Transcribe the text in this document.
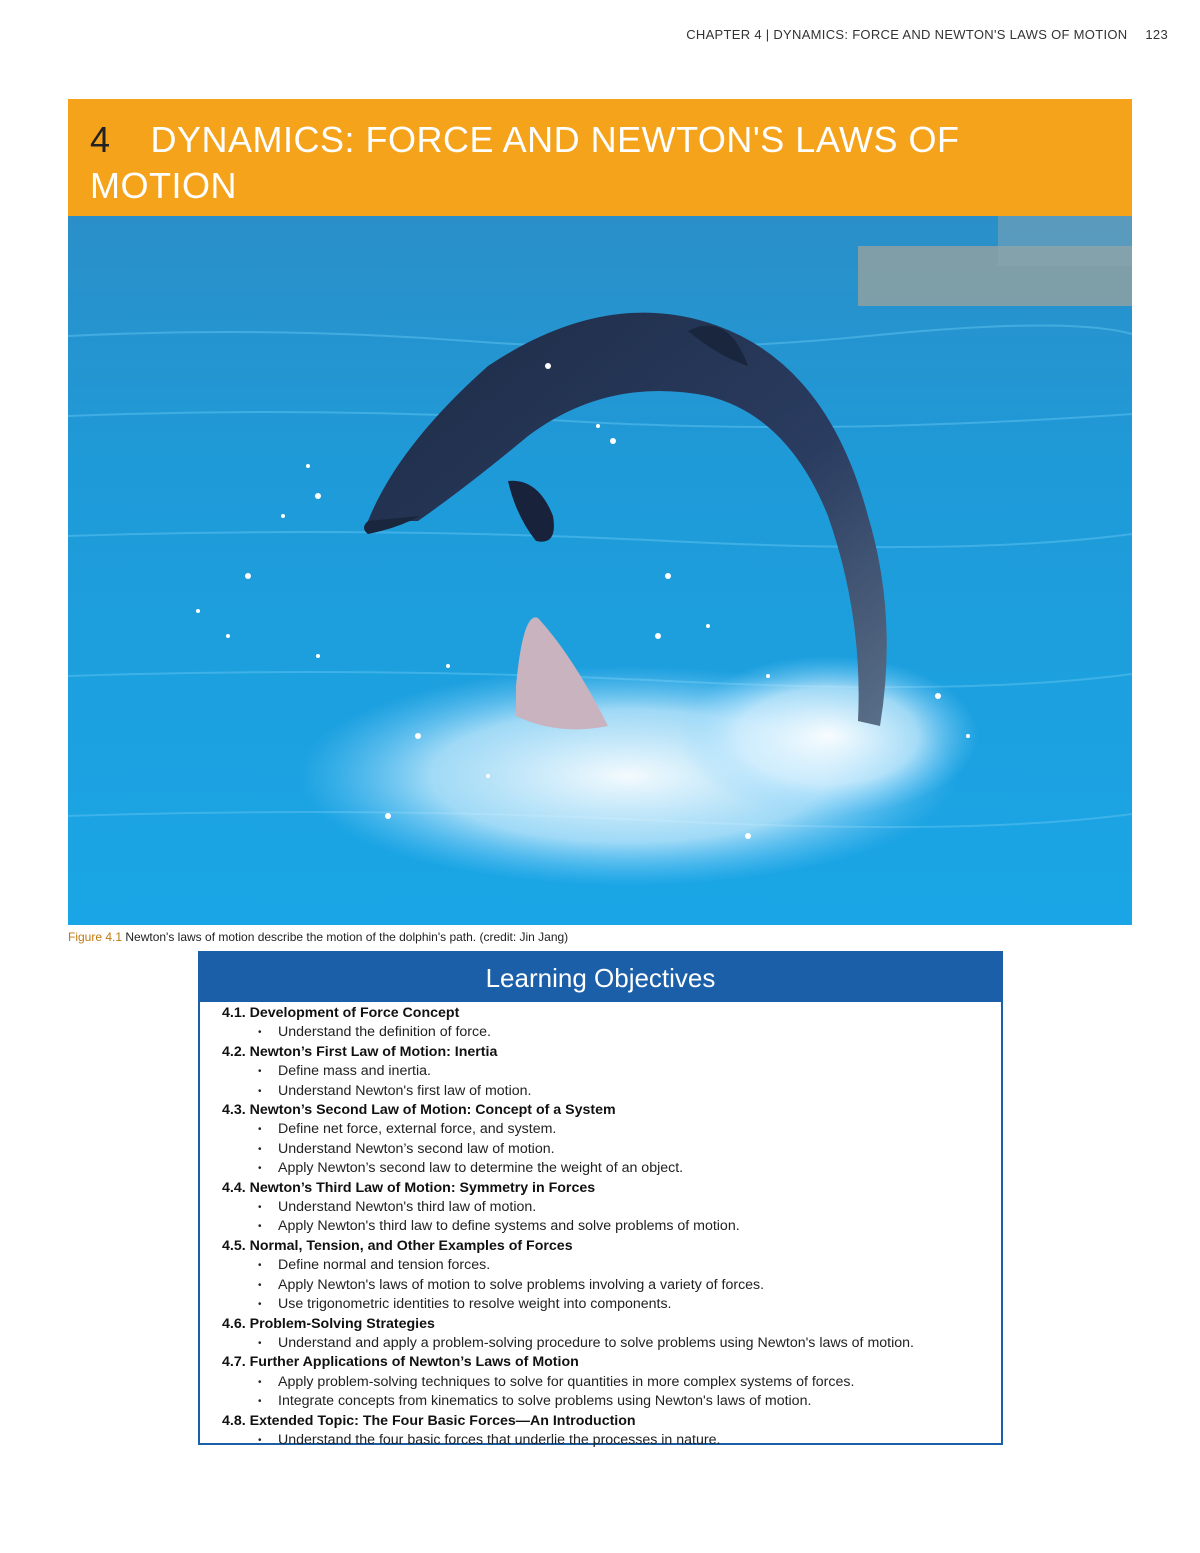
CHAPTER 4 | DYNAMICS: FORCE AND NEWTON'S LAWS OF MOTION 123
4 DYNAMICS: FORCE AND NEWTON'S LAWS OF MOTION
Figure 4.1 Newton's laws of motion describe the motion of the dolphin's path. (credit: Jin Jang)
Learning Objectives
4.1. Development of Force Concept
• Understand the definition of force.
4.2. Newton’s First Law of Motion: Inertia
• Define mass and inertia.
• Understand Newton's first law of motion.
4.3. Newton’s Second Law of Motion: Concept of a System
• Define net force, external force, and system.
• Understand Newton’s second law of motion.
• Apply Newton’s second law to determine the weight of an object.
4.4. Newton’s Third Law of Motion: Symmetry in Forces
• Understand Newton's third law of motion.
• Apply Newton's third law to define systems and solve problems of motion.
4.5. Normal, Tension, and Other Examples of Forces
• Define normal and tension forces.
• Apply Newton's laws of motion to solve problems involving a variety of forces.
• Use trigonometric identities to resolve weight into components.
4.6. Problem-Solving Strategies
• Understand and apply a problem-solving procedure to solve problems using Newton's laws of motion.
4.7. Further Applications of Newton’s Laws of Motion
• Apply problem-solving techniques to solve for quantities in more complex systems of forces.
• Integrate concepts from kinematics to solve problems using Newton's laws of motion.
4.8. Extended Topic: The Four Basic Forces—An Introduction
• Understand the four basic forces that underlie the processes in nature.
